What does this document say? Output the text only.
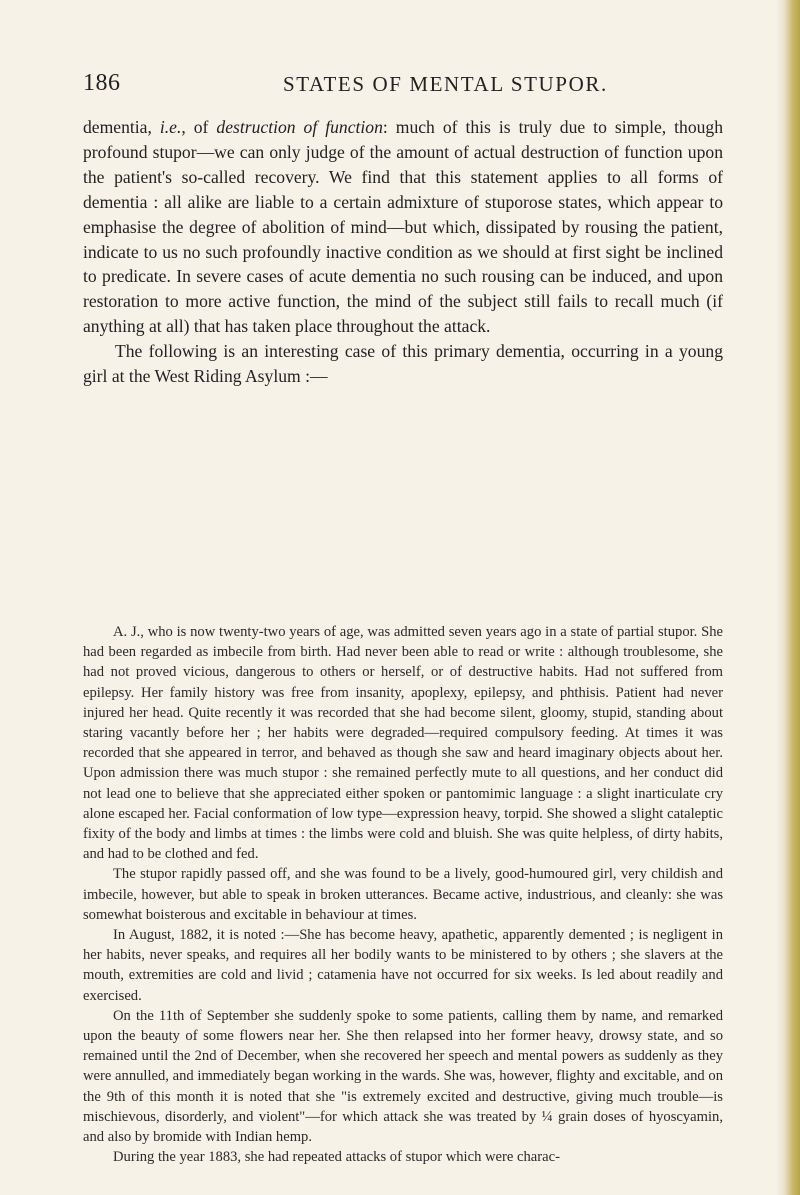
186	STATES OF MENTAL STUPOR.

dementia, i.e., of destruction of function: much of this is truly due to simple, though profound stupor—we can only judge of the amount of actual destruction of function upon the patient's so-called recovery. We find that this statement applies to all forms of dementia : all alike are liable to a certain admixture of stuporose states, which appear to emphasise the degree of abolition of mind—but which, dissipated by rousing the patient, indicate to us no such profoundly inactive condition as we should at first sight be inclined to predicate. In severe cases of acute dementia no such rousing can be induced, and upon restoration to more active function, the mind of the subject still fails to recall much (if anything at all) that has taken place throughout the attack.

The following is an interesting case of this primary dementia, occurring in a young girl at the West Riding Asylum :—

A. J., who is now twenty-two years of age, was admitted seven years ago in a state of partial stupor. She had been regarded as imbecile from birth. Had never been able to read or write : although troublesome, she had not proved vicious, dangerous to others or herself, or of destructive habits. Had not suffered from epilepsy. Her family history was free from insanity, apoplexy, epilepsy, and phthisis. Patient had never injured her head. Quite recently it was recorded that she had become silent, gloomy, stupid, standing about staring vacantly before her ; her habits were degraded—required compulsory feeding. At times it was recorded that she appeared in terror, and behaved as though she saw and heard imaginary objects about her. Upon admission there was much stupor : she remained perfectly mute to all questions, and her conduct did not lead one to believe that she appreciated either spoken or pantomimic language : a slight inarticulate cry alone escaped her. Facial conformation of low type—expression heavy, torpid. She showed a slight cataleptic fixity of the body and limbs at times : the limbs were cold and bluish. She was quite helpless, of dirty habits, and had to be clothed and fed.

The stupor rapidly passed off, and she was found to be a lively, good-humoured girl, very childish and imbecile, however, but able to speak in broken utterances. Became active, industrious, and cleanly: she was somewhat boisterous and excitable in behaviour at times.

In August, 1882, it is noted :—She has become heavy, apathetic, apparently demented ; is negligent in her habits, never speaks, and requires all her bodily wants to be ministered to by others ; she slavers at the mouth, extremities are cold and livid ; catamenia have not occurred for six weeks. Is led about readily and exercised.

On the 11th of September she suddenly spoke to some patients, calling them by name, and remarked upon the beauty of some flowers near her. She then relapsed into her former heavy, drowsy state, and so remained until the 2nd of December, when she recovered her speech and mental powers as suddenly as they were annulled, and immediately began working in the wards. She was, however, flighty and excitable, and on the 9th of this month it is noted that she "is extremely excited and destructive, giving much trouble—is mischievous, disorderly, and violent"—for which attack she was treated by ¼ grain doses of hyoscyamin, and also by bromide with Indian hemp.

During the year 1883, she had repeated attacks of stupor which were charac-
